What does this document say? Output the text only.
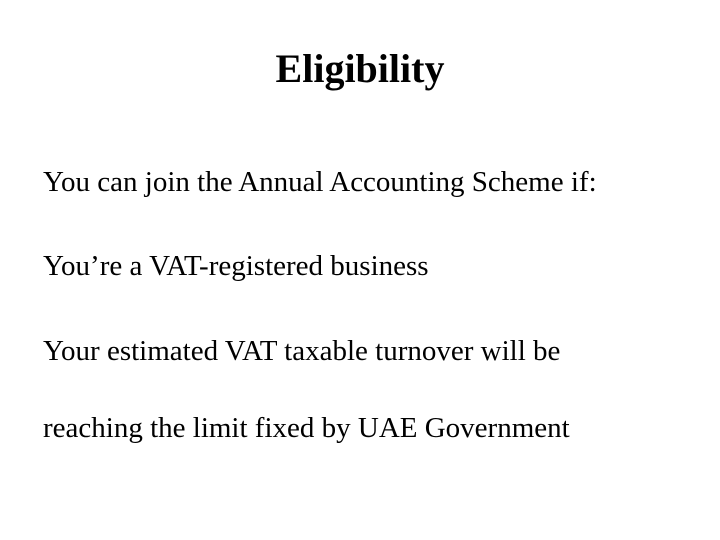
Eligibility

You can join the Annual Accounting Scheme if:

You’re a VAT-registered business

Your estimated VAT taxable turnover will be

reaching the limit fixed by UAE Government
